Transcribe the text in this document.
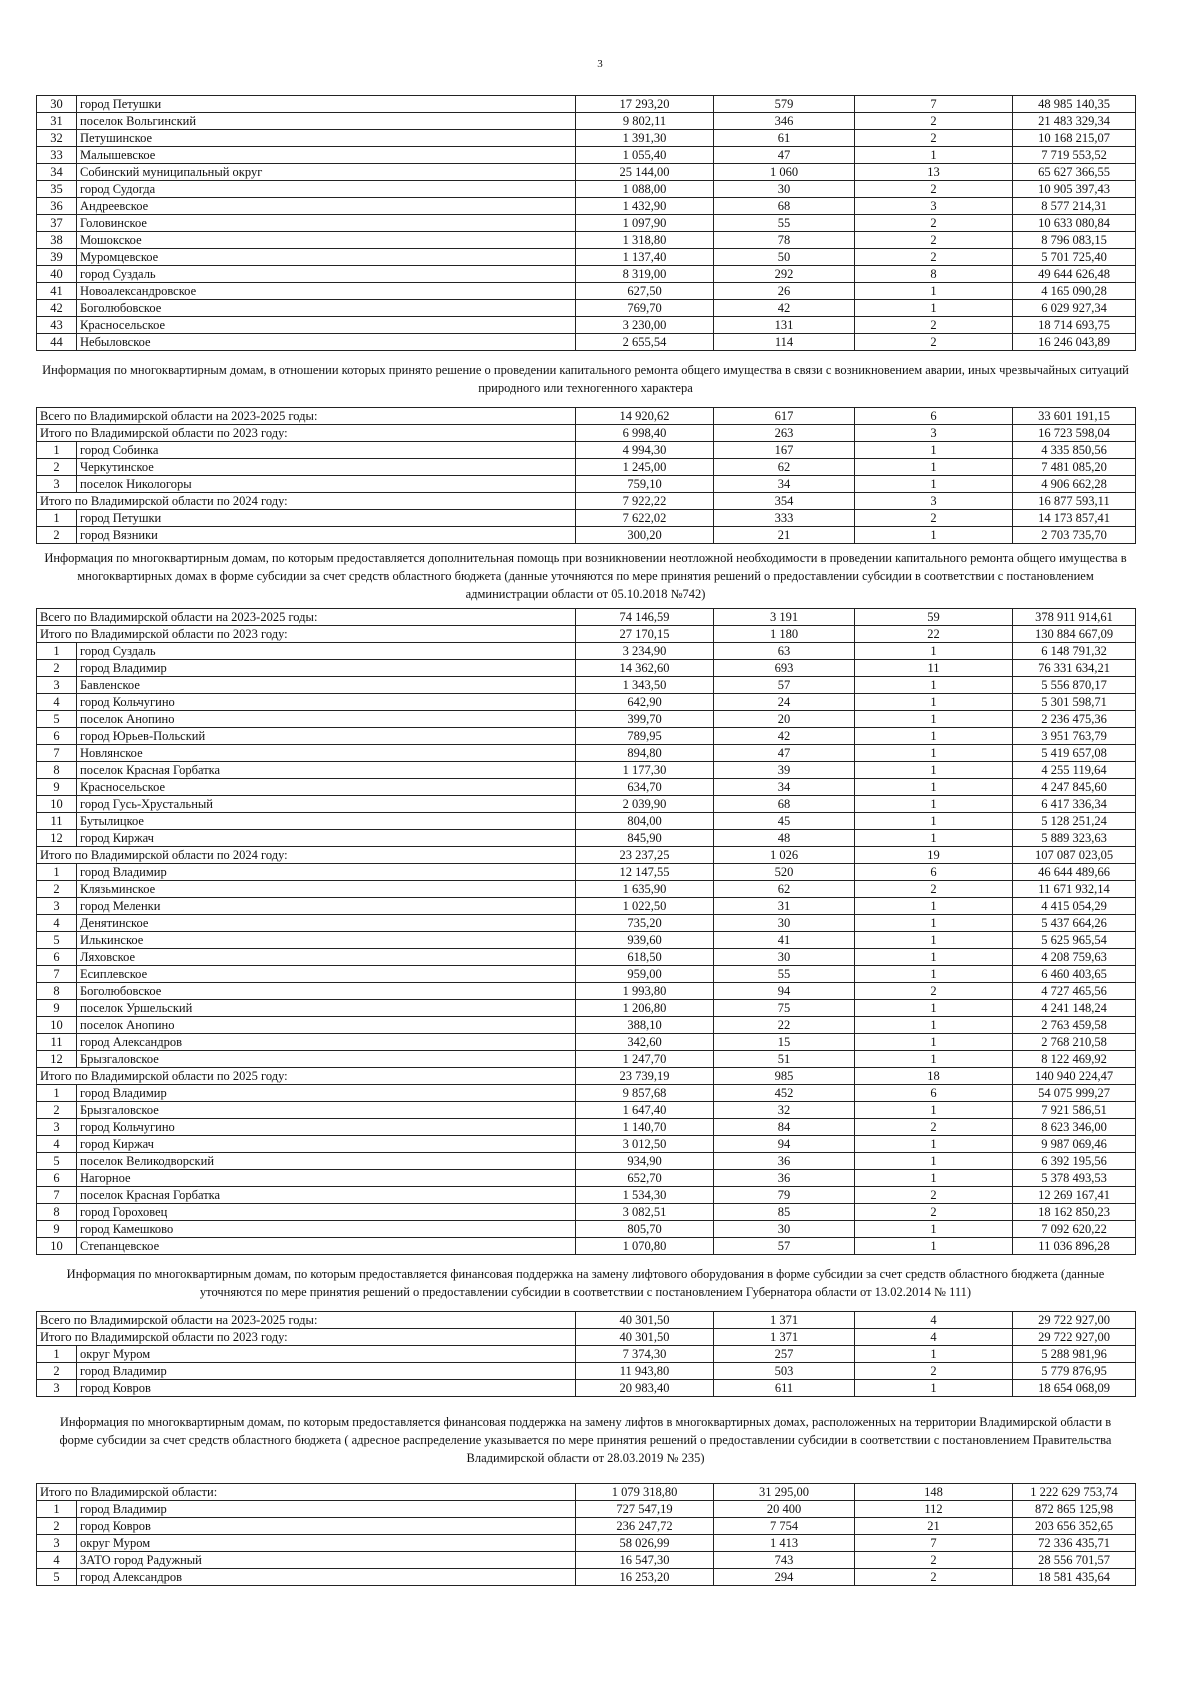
3
30	город Петушки	17 293,20	579	7	48 985 140,35
31	поселок Вольгинский	9 802,11	346	2	21 483 329,34
32	Петушинское	1 391,30	61	2	10 168 215,07
33	Малышевское	1 055,40	47	1	7 719 553,52
34	Собинский муниципальный округ	25 144,00	1 060	13	65 627 366,55
35	город Судогда	1 088,00	30	2	10 905 397,43
36	Андреевское	1 432,90	68	3	8 577 214,31
37	Головинское	1 097,90	55	2	10 633 080,84
38	Мошокское	1 318,80	78	2	8 796 083,15
39	Муромцевское	1 137,40	50	2	5 701 725,40
40	город Суздаль	8 319,00	292	8	49 644 626,48
41	Новоалександровское	627,50	26	1	4 165 090,28
42	Боголюбовское	769,70	42	1	6 029 927,34
43	Красносельское	3 230,00	131	2	18 714 693,75
44	Небыловское	2 655,54	114	2	16 246 043,89
Информация по многоквартирным домам, в отношении которых принято решение о проведении капитального ремонта общего имущества в связи с возникновением аварии, иных чрезвычайных ситуаций природного или техногенного характера
Всего по Владимирской области на 2023-2025 годы:		14 920,62	617	6	33 601 191,15
Итого по Владимирской области по 2023 году:		6 998,40	263	3	16 723 598,04
1	город Собинка	4 994,30	167	1	4 335 850,56
2	Черкутинское	1 245,00	62	1	7 481 085,20
3	поселок Никологоры	759,10	34	1	4 906 662,28
Итого по Владимирской области по 2024 году:		7 922,22	354	3	16 877 593,11
1	город Петушки	7 622,02	333	2	14 173 857,41
2	город Вязники	300,20	21	1	2 703 735,70
Информация по многоквартирным домам, по которым предоставляется дополнительная помощь при возникновении неотложной необходимости в проведении капитального ремонта общего имущества в многоквартирных домах в форме субсидии за счет средств областного бюджета (данные уточняются по мере принятия решений о предоставлении субсидии в соответствии с постановлением администрации области от 05.10.2018 №742)
Всего по Владимирской области на 2023-2025 годы:		74 146,59	3 191	59	378 911 914,61
Итого по Владимирской области по 2023 году:		27 170,15	1 180	22	130 884 667,09
1	город Суздаль	3 234,90	63	1	6 148 791,32
2	город Владимир	14 362,60	693	11	76 331 634,21
3	Бавленское	1 343,50	57	1	5 556 870,17
4	город Кольчугино	642,90	24	1	5 301 598,71
5	поселок Анопино	399,70	20	1	2 236 475,36
6	город Юрьев-Польский	789,95	42	1	3 951 763,79
7	Новлянское	894,80	47	1	5 419 657,08
8	поселок Красная Горбатка	1 177,30	39	1	4 255 119,64
9	Красносельское	634,70	34	1	4 247 845,60
10	город Гусь-Хрустальный	2 039,90	68	1	6 417 336,34
11	Бутылицкое	804,00	45	1	5 128 251,24
12	город Киржач	845,90	48	1	5 889 323,63
Итого по Владимирской области по 2024 году:		23 237,25	1 026	19	107 087 023,05
1	город Владимир	12 147,55	520	6	46 644 489,66
2	Клязьминское	1 635,90	62	2	11 671 932,14
3	город Меленки	1 022,50	31	1	4 415 054,29
4	Денятинское	735,20	30	1	5 437 664,26
5	Илькинское	939,60	41	1	5 625 965,54
6	Ляховское	618,50	30	1	4 208 759,63
7	Есиплевское	959,00	55	1	6 460 403,65
8	Боголюбовское	1 993,80	94	2	4 727 465,56
9	поселок Уршельский	1 206,80	75	1	4 241 148,24
10	поселок Анопино	388,10	22	1	2 763 459,58
11	город Александров	342,60	15	1	2 768 210,58
12	Брызгаловское	1 247,70	51	1	8 122 469,92
Итого по Владимирской области по 2025 году:		23 739,19	985	18	140 940 224,47
1	город Владимир	9 857,68	452	6	54 075 999,27
2	Брызгаловское	1 647,40	32	1	7 921 586,51
3	город Кольчугино	1 140,70	84	2	8 623 346,00
4	город Киржач	3 012,50	94	1	9 987 069,46
5	поселок Великодворский	934,90	36	1	6 392 195,56
6	Нагорное	652,70	36	1	5 378 493,53
7	поселок Красная Горбатка	1 534,30	79	2	12 269 167,41
8	город Гороховец	3 082,51	85	2	18 162 850,23
9	город Камешково	805,70	30	1	7 092 620,22
10	Степанцевское	1 070,80	57	1	11 036 896,28
Информация по многоквартирным домам, по которым предоставляется финансовая поддержка на замену лифтового оборудования в форме субсидии за счет средств областного бюджета (данные уточняются по мере принятия решений о предоставлении субсидии в соответствии с постановлением Губернатора области от 13.02.2014 № 111)
Всего по Владимирской области на 2023-2025 годы:		40 301,50	1 371	4	29 722 927,00
Итого по Владимирской области по 2023 году:		40 301,50	1 371	4	29 722 927,00
1	округ Муром	7 374,30	257	1	5 288 981,96
2	город Владимир	11 943,80	503	2	5 779 876,95
3	город Ковров	20 983,40	611	1	18 654 068,09
Информация по многоквартирным домам, по которым предоставляется финансовая поддержка на замену лифтов в многоквартирных домах, расположенных на территории Владимирской области в форме субсидии за счет средств областного бюджета ( адресное распределение указывается по мере принятия решений о предоставлении субсидии в соответствии с постановлением Правительства Владимирской области от 28.03.2019 № 235)
Итого по Владимирской области:		1 079 318,80	31 295,00	148	1 222 629 753,74
1	город Владимир	727 547,19	20 400	112	872 865 125,98
2	город Ковров	236 247,72	7 754	21	203 656 352,65
3	округ Муром	58 026,99	1 413	7	72 336 435,71
4	ЗАТО город Радужный	16 547,30	743	2	28 556 701,57
5	город Александров	16 253,20	294	2	18 581 435,64
